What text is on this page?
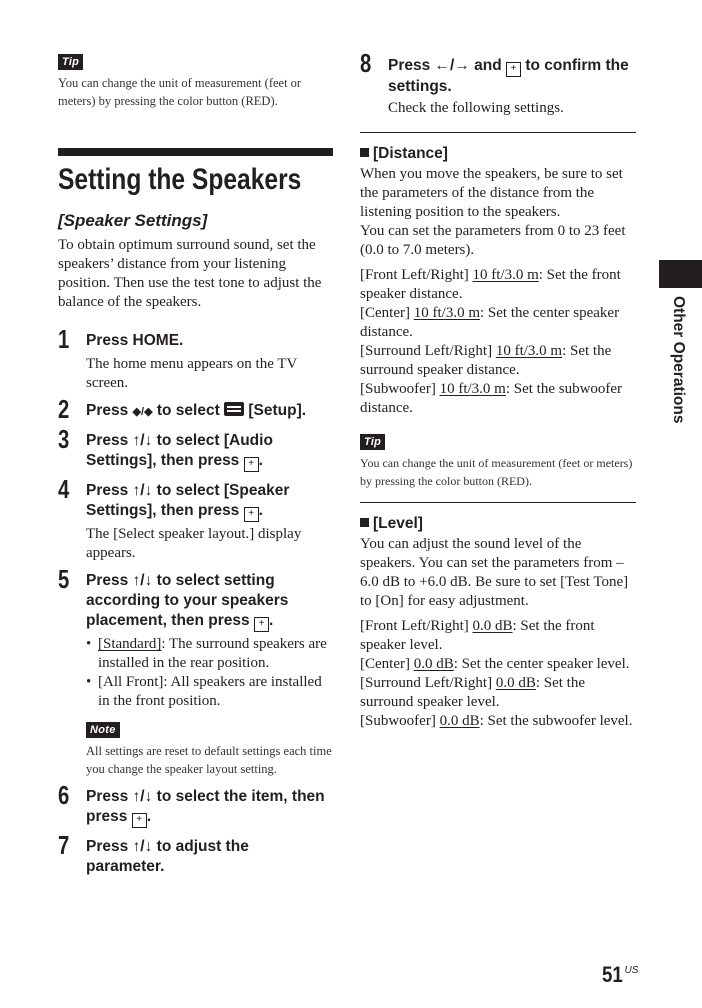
Tip
You can change the unit of measurement (feet or meters) by pressing the color button (RED).
Setting the Speakers
[Speaker Settings]
To obtain optimum surround sound, set the speakers’ distance from your listening position. Then use the test tone to adjust the balance of the speakers.
1 Press HOME.
The home menu appears on the TV screen.
2 Press ◆/◆ to select [Setup].
3 Press ↑/↓ to select [Audio
Settings], then press + .
4 Press ↑/↓ to select [Speaker
Settings], then press + .
The [Select speaker layout.] display appears.
5 Press ↑/↓ to select setting
according to your speakers
placement, then press + .
• [Standard]: The surround speakers are installed in the rear position.
• [All Front]: All speakers are installed in the front position.
Note
All settings are reset to default settings each time you change the speaker layout setting.
6 Press ↑/↓ to select the item, then
press + .
7 Press ↑/↓ to adjust the
parameter.
8 Press ←/→ and + to confirm the
settings.
Check the following settings.
[Distance]
When you move the speakers, be sure to set the parameters of the distance from the listening position to the speakers.
You can set the parameters from 0 to 23 feet (0.0 to 7.0 meters).
[Front Left/Right] 10 ft/3.0 m: Set the front speaker distance.
[Center] 10 ft/3.0 m: Set the center speaker distance.
[Surround Left/Right] 10 ft/3.0 m: Set the surround speaker distance.
[Subwoofer] 10 ft/3.0 m: Set the subwoofer distance.
Tip
You can change the unit of measurement (feet or meters) by pressing the color button (RED).
[Level]
You can adjust the sound level of the speakers. You can set the parameters from –6.0 dB to +6.0 dB. Be sure to set [Test Tone] to [On] for easy adjustment.
[Front Left/Right] 0.0 dB: Set the front speaker level.
[Center] 0.0 dB: Set the center speaker level.
[Surround Left/Right] 0.0 dB: Set the surround speaker level.
[Subwoofer] 0.0 dB: Set the subwoofer level.
Other Operations
51 $^{US}$
